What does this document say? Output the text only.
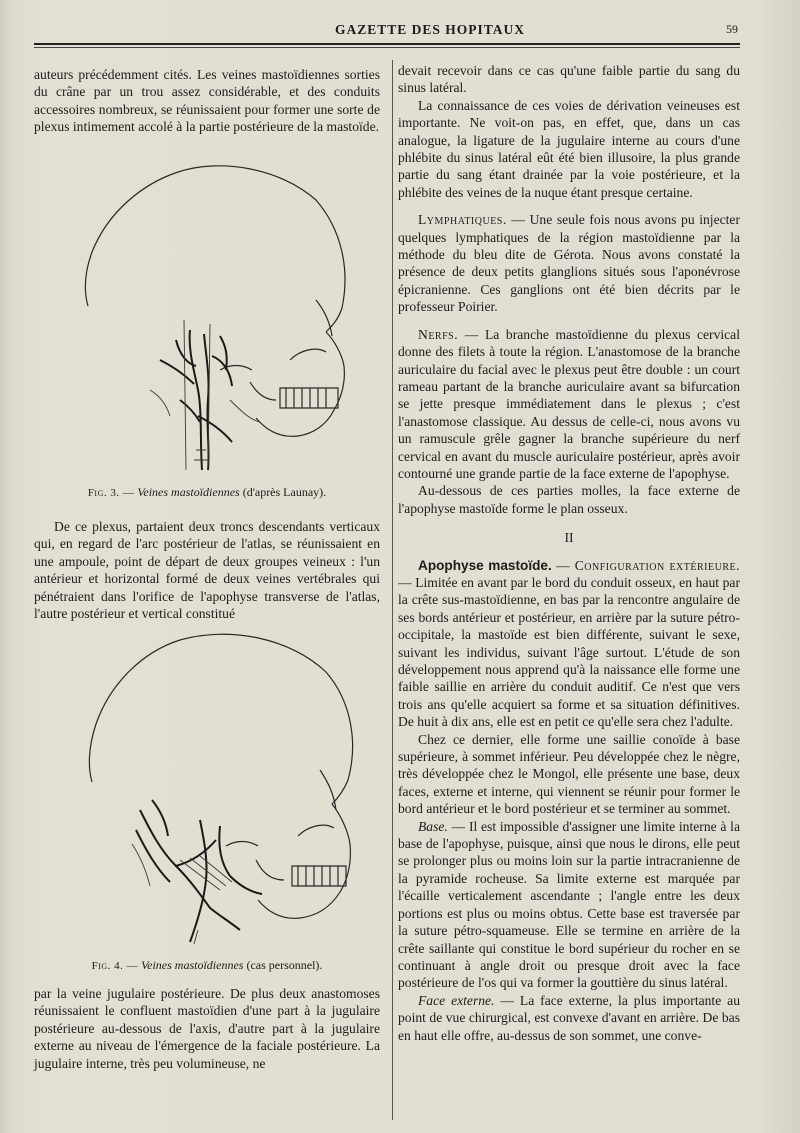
GAZETTE DES HOPITAUX	59

auteurs précédemment cités. Les veines mastoïdiennes sorties du crâne par un trou assez considérable, et des conduits accessoires nombreux, se réunissaient pour former une sorte de plexus intimement accolé à la partie postérieure de la mastoïde.

Fig. 3. — Veines mastoïdiennes (d'après Launay).

De ce plexus, partaient deux troncs descendants verticaux qui, en regard de l'arc postérieur de l'atlas, se réunissaient en une ampoule, point de départ de deux groupes veineux : l'un antérieur et horizontal formé de deux veines vertébrales qui pénétraient dans l'orifice de l'apophyse transverse de l'atlas, l'autre postérieur et vertical constitué

Fig. 4. — Veines mastoïdiennes (cas personnel).

par la veine jugulaire postérieure. De plus deux anastomoses réunissaient le confluent mastoïdien d'une part à la jugulaire postérieure au-dessous de l'axis, d'autre part à la jugulaire externe au niveau de l'émergence de la faciale postérieure. La jugulaire interne, très peu volumineuse, ne

devait recevoir dans ce cas qu'une faible partie du sang du sinus latéral.

La connaissance de ces voies de dérivation veineuses est importante. Ne voit-on pas, en effet, que, dans un cas analogue, la ligature de la jugulaire interne au cours d'une phlébite du sinus latéral eût été bien illusoire, la plus grande partie du sang étant drainée par la voie postérieure, et la phlébite des veines de la nuque étant presque certaine.

Lymphatiques. — Une seule fois nous avons pu injecter quelques lymphatiques de la région mastoïdienne par la méthode du bleu dite de Gérota. Nous avons constaté la présence de deux petits glanglions situés sous l'aponévrose épicranienne. Ces ganglions ont été bien décrits par le professeur Poirier.

Nerfs. — La branche mastoïdienne du plexus cervical donne des filets à toute la région. L'anastomose de la branche auriculaire du facial avec le plexus peut être double : un court rameau partant de la branche auriculaire avant sa bifurcation se jette presque immédiatement dans le plexus ; c'est l'anastomose classique. Au dessus de celle-ci, nous avons vu un ramuscule grêle gagner la branche supérieure du nerf cervical en avant du muscle auriculaire postérieur, après avoir contourné une grande partie de la face externe de l'apophyse.

Au-dessous de ces parties molles, la face externe de l'apophyse mastoïde forme le plan osseux.

II

Apophyse mastoïde. — Configuration extérieure. — Limitée en avant par le bord du conduit osseux, en haut par la crête sus-mastoïdienne, en bas par la rencontre angulaire de ses bords antérieur et postérieur, en arrière par la suture pétro-occipitale, la mastoïde est bien différente, suivant le sexe, suivant les individus, suivant l'âge surtout. L'étude de son développement nous apprend qu'à la naissance elle forme une faible saillie en arrière du conduit auditif. Ce n'est que vers trois ans qu'elle acquiert sa forme et sa situation définitives. De huit à dix ans, elle est en petit ce qu'elle sera chez l'adulte.

Chez ce dernier, elle forme une saillie conoïde à base supérieure, à sommet inférieur. Peu développée chez le nègre, très développée chez le Mongol, elle présente une base, deux faces, externe et interne, qui viennent se réunir pour former le bord antérieur et le bord postérieur et se terminer au sommet.

Base. — Il est impossible d'assigner une limite interne à la base de l'apophyse, puisque, ainsi que nous le dirons, elle peut se prolonger plus ou moins loin sur la partie intracranienne de la pyramide rocheuse. Sa limite externe est marquée par l'écaille verticalement ascendante ; l'angle entre les deux portions est plus ou moins obtus. Cette base est traversée par la suture pétro-squameuse. Elle se termine en arrière de la crête saillante qui constitue le bord supérieur du rocher en se continuant à angle droit ou presque droit avec la face postérieure de l'os qui va former la gouttière du sinus latéral.

Face externe. — La face externe, la plus importante au point de vue chirurgical, est convexe d'avant en arrière. De bas en haut elle offre, au-dessus de son sommet, une conve-
